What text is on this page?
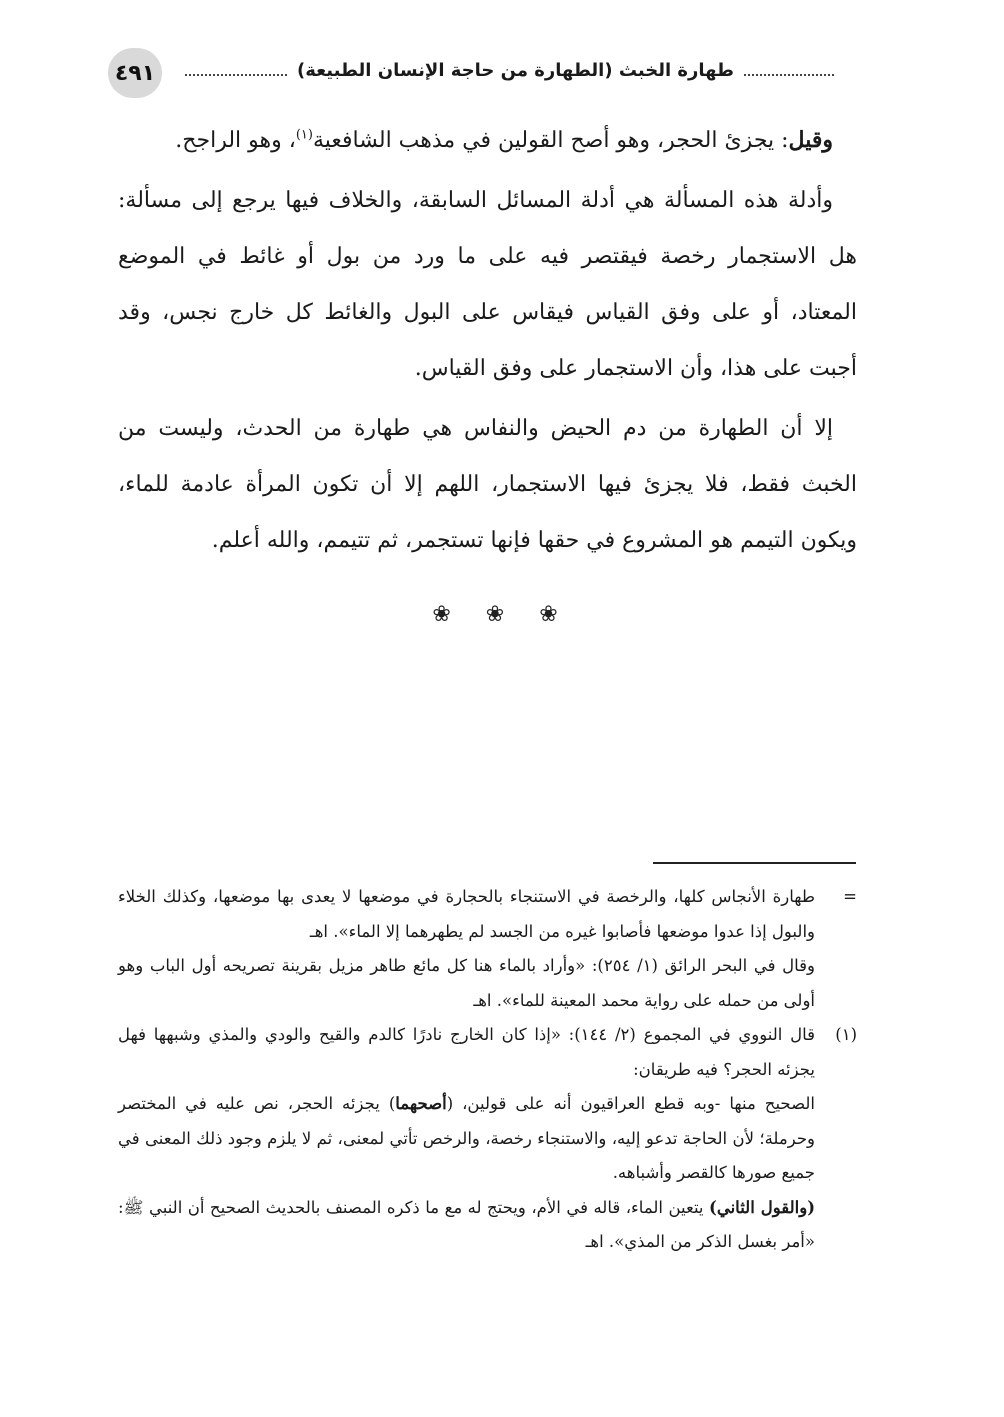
٤٩١	طهارة الخبث (الطهارة من حاجة الإنسان الطبيعة)

وقيل: يجزئ الحجر، وهو أصح القولين في مذهب الشافعية$^{(١)}$، وهو الراجح.

وأدلة هذه المسألة هي أدلة المسائل السابقة، والخلاف فيها يرجع إلى مسألة: هل الاستجمار رخصة فيقتصر فيه على ما ورد من بول أو غائط في الموضع المعتاد، أو على وفق القياس فيقاس على البول والغائط كل خارج نجس، وقد أجبت على هذا، وأن الاستجمار على وفق القياس.

إلا أن الطهارة من دم الحيض والنفاس هي طهارة من الحدث، وليست من الخبث فقط، فلا يجزئ فيها الاستجمار، اللهم إلا أن تكون المرأة عادمة للماء، ويكون التيمم هو المشروع في حقها فإنها تستجمر، ثم تتيمم، والله أعلم.

❀ ❀ ❀
=

طهارة الأنجاس كلها، والرخصة في الاستنجاء بالحجارة في موضعها لا يعدى بها موضعها، وكذلك الخلاء والبول إذا عدوا موضعها فأصابوا غيره من الجسد لم يطهرهما إلا الماء». اهـ

وقال في البحر الرائق (١/ ٢٥٤): «وأراد بالماء هنا كل مائع طاهر مزيل بقرينة تصريحه أول الباب وهو أولى من حمله على رواية محمد المعينة للماء». اهـ

(١)

قال النووي في المجموع (٢/ ١٤٤): «إذا كان الخارج نادرًا كالدم والقيح والودي والمذي وشبهها فهل يجزئه الحجر؟ فيه طريقان:

الصحيح منها -وبه قطع العراقيون أنه على قولين، (أصحهما) يجزئه الحجر، نص عليه في المختصر وحرملة؛ لأن الحاجة تدعو إليه، والاستنجاء رخصة، والرخص تأتي لمعنى، ثم لا يلزم وجود ذلك المعنى في جميع صورها كالقصر وأشباهه.

(والقول الثاني) يتعين الماء، قاله في الأم، ويحتج له مع ما ذكره المصنف بالحديث الصحيح أن النبي ﷺ: «أمر بغسل الذكر من المذي». اهـ
